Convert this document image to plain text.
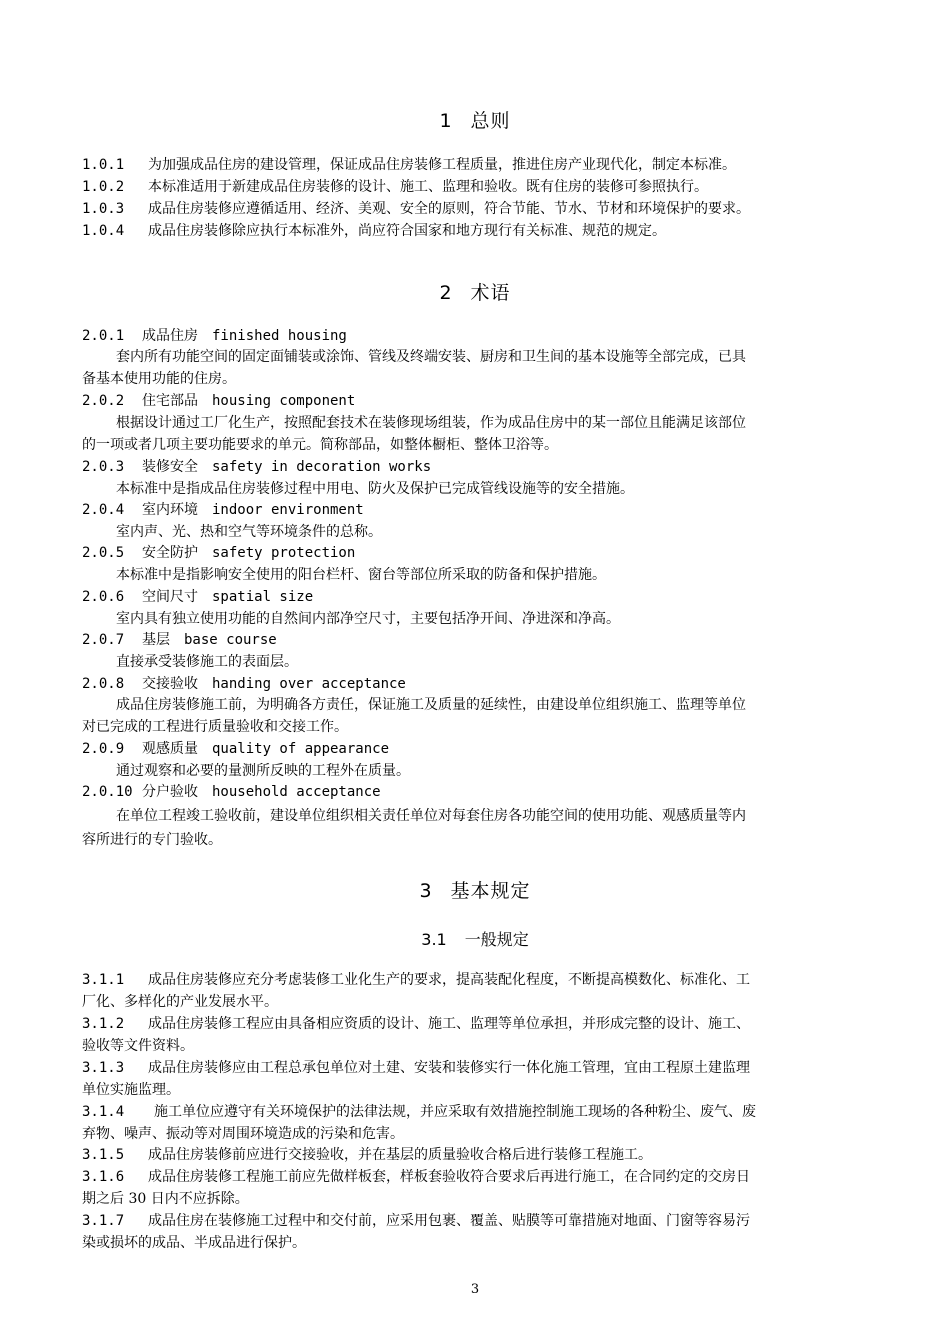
1 总则
1.0.1 为加强成品住房的建设管理，保证成品住房装修工程质量，推进住房产业现代化，制定本标准。
1.0.2 本标准适用于新建成品住房装修的设计、施工、监理和验收。既有住房的装修可参照执行。
1.0.3 成品住房装修应遵循适用、经济、美观、安全的原则，符合节能、节水、节材和环境保护的要求。
1.0.4 成品住房装修除应执行本标准外，尚应符合国家和地方现行有关标准、规范的规定。
2 术语
2.0.1 成品住房 finished housing
套内所有功能空间的固定面铺装或涂饰、管线及终端安装、厨房和卫生间的基本设施等全部完成，已具
备基本使用功能的住房。
2.0.2 住宅部品 housing component
根据设计通过工厂化生产，按照配套技术在装修现场组装，作为成品住房中的某一部位且能满足该部位
的一项或者几项主要功能要求的单元。简称部品，如整体橱柜、整体卫浴等。
2.0.3 装修安全 safety in decoration works
本标准中是指成品住房装修过程中用电、防火及保护已完成管线设施等的安全措施。
2.0.4 室内环境 indoor environment
室内声、光、热和空气等环境条件的总称。
2.0.5 安全防护 safety protection
本标准中是指影响安全使用的阳台栏杆、窗台等部位所采取的防备和保护措施。
2.0.6 空间尺寸 spatial size
室内具有独立使用功能的自然间内部净空尺寸，主要包括净开间、净进深和净高。
2.0.7 基层 base course
直接承受装修施工的表面层。
2.0.8 交接验收 handing over acceptance
成品住房装修施工前，为明确各方责任，保证施工及质量的延续性，由建设单位组织施工、监理等单位
对已完成的工程进行质量验收和交接工作。
2.0.9 观感质量 quality of appearance
通过观察和必要的量测所反映的工程外在质量。
2.0.10 分户验收 household acceptance
在单位工程竣工验收前，建设单位组织相关责任单位对每套住房各功能空间的使用功能、观感质量等内
容所进行的专门验收。
3 基本规定
3.1 一般规定
3.1.1 成品住房装修应充分考虑装修工业化生产的要求，提高装配化程度，不断提高模数化、标准化、工
厂化、多样化的产业发展水平。
3.1.2 成品住房装修工程应由具备相应资质的设计、施工、监理等单位承担，并形成完整的设计、施工、
验收等文件资料。
3.1.3 成品住房装修应由工程总承包单位对土建、安装和装修实行一体化施工管理，宜由工程原土建监理
单位实施监理。
3.1.4 施工单位应遵守有关环境保护的法律法规，并应采取有效措施控制施工现场的各种粉尘、废气、废
弃物、噪声、振动等对周围环境造成的污染和危害。
3.1.5 成品住房装修前应进行交接验收，并在基层的质量验收合格后进行装修工程施工。
3.1.6 成品住房装修工程施工前应先做样板套，样板套验收符合要求后再进行施工，在合同约定的交房日
期之后 30 日内不应拆除。
3.1.7 成品住房在装修施工过程中和交付前，应采用包裹、覆盖、贴膜等可靠措施对地面、门窗等容易污
染或损坏的成品、半成品进行保护。
3
